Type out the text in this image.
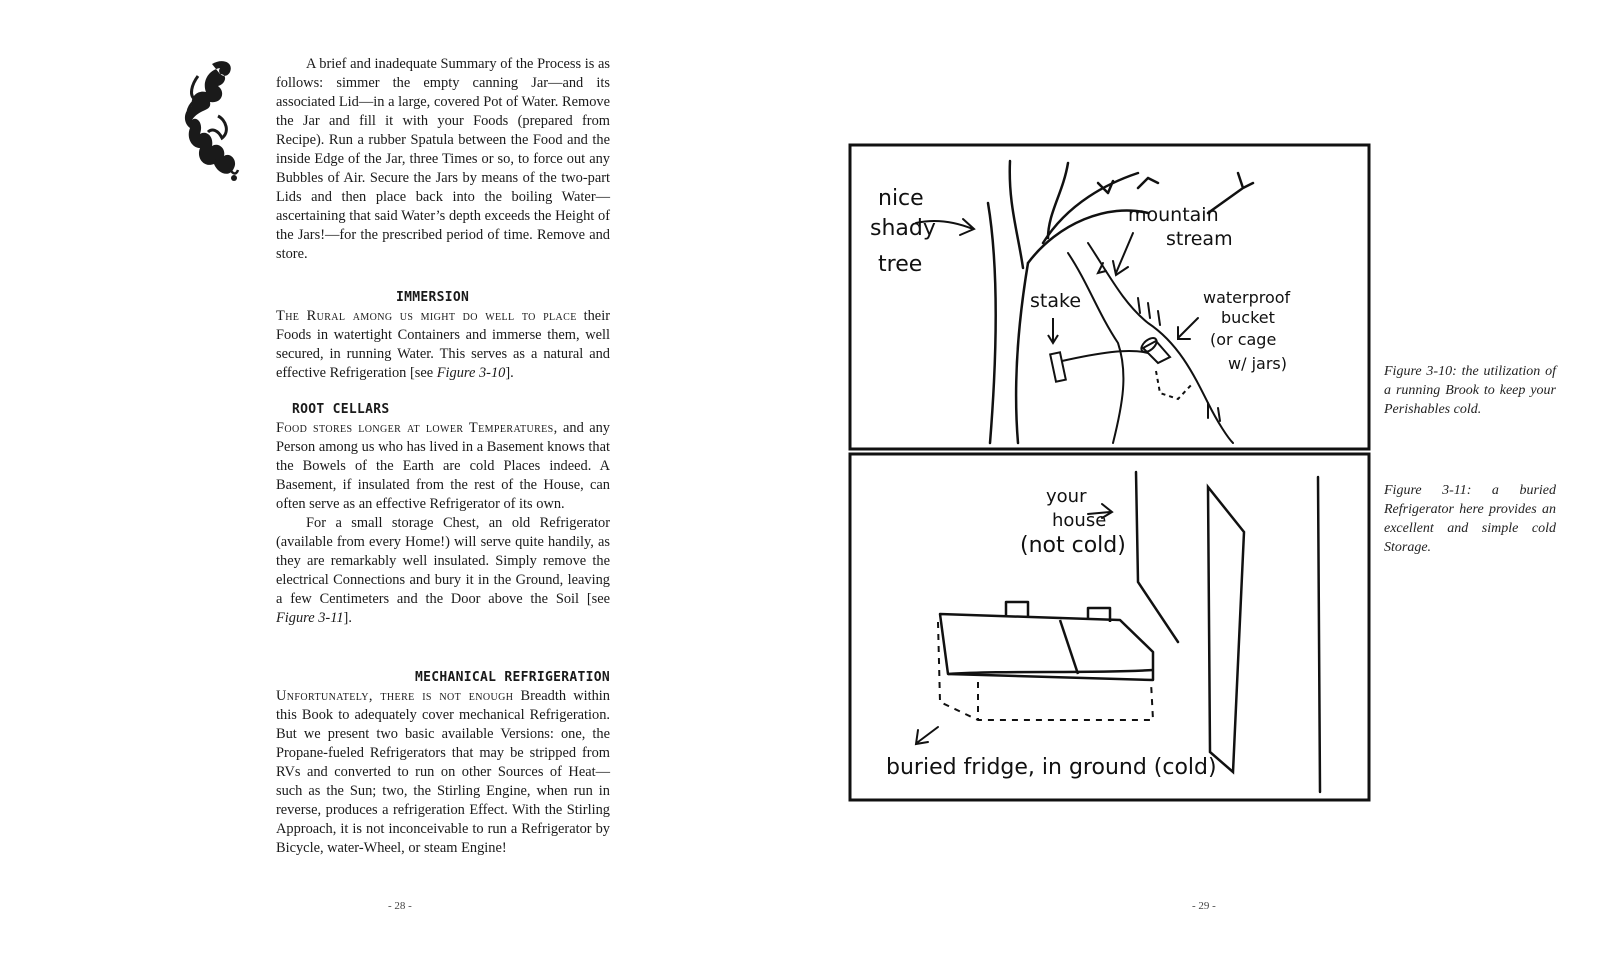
A brief and inadequate Summary of the Process is as follows: simmer the empty canning Jar—and its associated Lid—in a large, covered Pot of Water. Remove the Jar and fill it with your Foods (prepared from Recipe). Run a rubber Spatula between the Food and the inside Edge of the Jar, three Times or so, to force out any Bubbles of Air. Secure the Jars by means of the two-part Lids and then place back into the boiling Water—ascertaining that said Water’s depth exceeds the Height of the Jars!—for the prescribed period of time. Remove and store.

IMMERSION

The Rural among us might do well to place their Foods in watertight Containers and immerse them, well secured, in running Water. This serves as a natural and effective Refrigeration [see Figure 3-10].

ROOT CELLARS

Food stores longer at lower Temperatures, and any Person among us who has lived in a Basement knows that the Bowels of the Earth are cold Places indeed. A Basement, if insulated from the rest of the House, can often serve as an effective Refrigerator of its own.

For a small storage Chest, an old Refrigerator (available from every Home!) will serve quite handily, as they are remarkably well insulated. Simply remove the electrical Connections and bury it in the Ground, leaving a few Centimeters and the Door above the Soil [see Figure 3-11].

MECHANICAL REFRIGERATION

Unfortunately, there is not enough Breadth within this Book to adequately cover mechanical Refrigeration. But we present two basic available Versions: one, the Propane-fueled Refrigerators that may be stripped from RVs and converted to run on other Sources of Heat—such as the Sun; two, the Stirling Engine, when run in reverse, produces a refrigeration Effect. With the Stirling Approach, it is not inconceivable to run a Refrigerator by Bicycle, water-Wheel, or steam Engine!

- 28 -
nice
shady
tree
mountain
stream
stake	waterproof
bucket
(or cage
w/ jars)
your
house
(not cold)
buried fridge, in ground (cold)
Figure 3-10: the utilization of a running Brook to keep your Perishables cold.
Figure 3-11: a buried Refrigerator here provides an excellent and simple cold Storage.
- 29 -
